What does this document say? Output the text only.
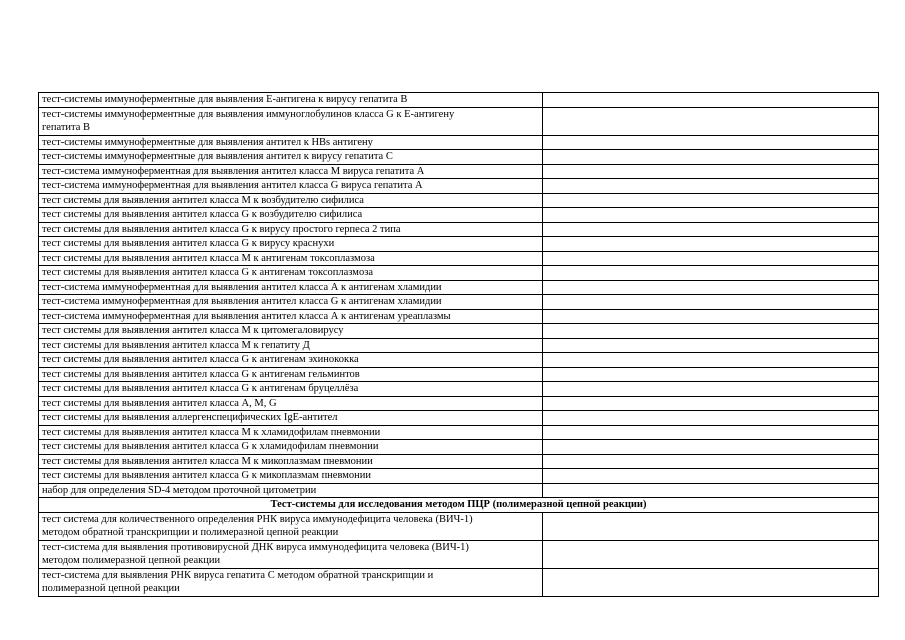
тест-системы иммуноферментные для выявления Е-антигена к вирусу гепатита В	

тест-системы иммуноферментные для выявления иммуноглобулинов класса G к Е-антигену
гепатита В	

тест-системы иммуноферментные для выявления антител к HBs антигену	
тест-системы иммуноферментные для выявления антител к вирусу гепатита С	
тест-система иммуноферментная для выявления антител класса М вируса гепатита А	
тест-система иммуноферментная для выявления антител класса G вируса гепатита А	
тест системы для выявления антител класса М к возбудителю сифилиса	
тест системы для выявления антител класса G к возбудителю сифилиса	
тест системы для выявления антител класса G к вирусу простого герпеса 2 типа	
тест системы для выявления антител класса G к вирусу краснухи	
тест системы для выявления антител класса М к антигенам токсоплазмоза	
тест системы для выявления антител класса G к антигенам токсоплазмоза	
тест-система иммуноферментная для выявления антител класса А к антигенам хламидии	
тест-система иммуноферментная для выявления антител класса G к антигенам хламидии	
тест-система иммуноферментная для выявления антител класса А к антигенам уреаплазмы	
тест системы для выявления антител класса М к цитомегаловирусу	
тест системы для выявления антител класса М к гепатиту Д	
тест системы для выявления антител класса G к антигенам эхинококка	
тест системы для выявления антител класса G к антигенам гельминтов	
тест системы для выявления антител класса G к антигенам бруцеллёза	
тест системы для выявления антител класса А, М, G	
тест системы для выявления аллергенспецифических IgE-антител	
тест системы для выявления антител класса М к хламидофилам пневмонии	
тест системы для выявления антител класса G к хламидофилам пневмонии	
тест системы для выявления антител класса М к микоплазмам пневмонии	
тест системы для выявления антител класса G к микоплазмам пневмонии	
набор для определения SD-4 методом проточной цитометрии	
Тест-системы для исследования методом ПЦР (полимеразной цепной реакции)	

тест система для количественного определения РНК вируса иммунодефицита человека (ВИЧ-1)
методом обратной транскрипции и полимеразной цепной реакции	

тест-система для выявления противовирусной ДНК вируса иммунодефицита человека (ВИЧ-1)
методом полимеразной цепной реакции	

тест-система для выявления РНК вируса гепатита С методом обратной транскрипции и
полимеразной цепной реакции	
